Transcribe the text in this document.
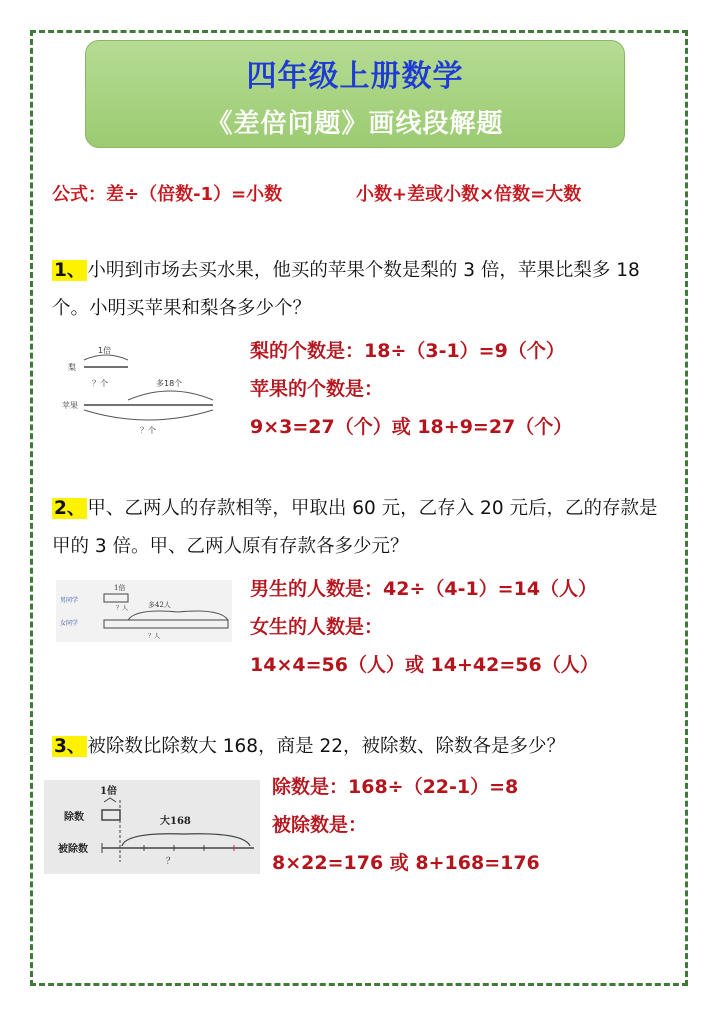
四年级上册数学
《差倍问题》画线段解题
公式：差÷（倍数-1）=小数	小数+差或小数×倍数=大数
1、 小明到市场去买水果，他买的苹果个数是梨的 3 倍，苹果比梨多 18 个。小明买苹果和梨各多少个？
1倍
梨
？个	多18个
苹果
？个
梨的个数是：18÷（3-1）=9（个）
苹果的个数是：
9×3=27（个）或 18+9=27（个）
2、 甲、乙两人的存款相等，甲取出 60 元，乙存入 20 元后，乙的存款是甲的 3 倍。甲、乙两人原有存款各多少元？
1倍
男同学
？人	多42人
女同学
？人
男生的人数是：42÷（4-1）=14（人）
女生的人数是：
14×4=56（人）或 14+42=56（人）
3、 被除数比除数大 168，商是 22，被除数、除数各是多少？
1倍
除数	大168
被除数
？
除数是：168÷（22-1）=8
被除数是：
8×22=176 或 8+168=176
